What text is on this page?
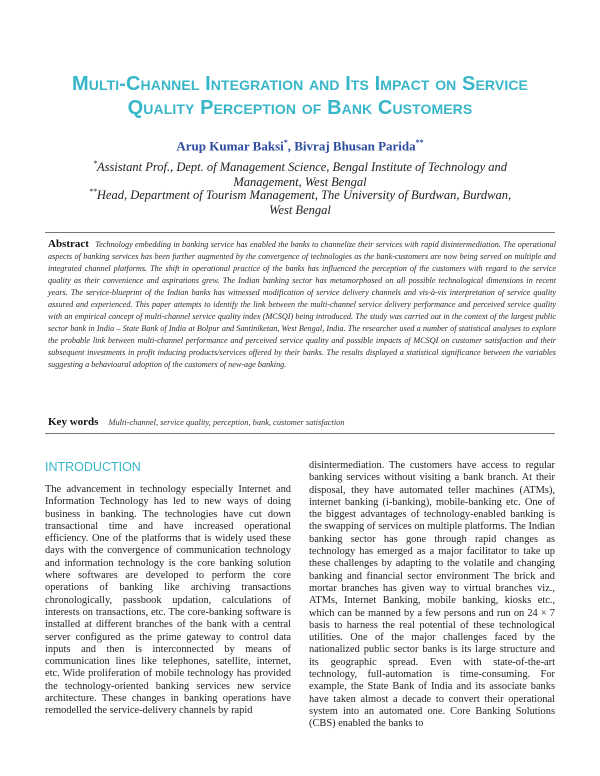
Multi-Channel Integration and Its Impact on Service Quality Perception of Bank Customers
Arup Kumar Baksi*, Bivraj Bhusan Parida**
*Assistant Prof., Dept. of Management Science, Bengal Institute of Technology and Management, West Bengal
**Head, Department of Tourism Management, The University of Burdwan, Burdwan, West Bengal
Abstract Technology embedding in banking service has enabled the banks to channelize their services with rapid disintermediation. The operational aspects of banking services has been further augmented by the convergence of technologies as the bank-customers are now being served on multiple and integrated channel platforms. The shift in operational practice of the banks has influenced the perception of the customers with regard to the service quality as their convenience and aspirations grew. The Indian banking sector has metamorphosed on all possible technological dimensions in recent years. The service-blueprint of the Indian banks has witnessed modification of service delivery channels and vis-à-vis interpretation of service quality assured and experienced. This paper attempts to identify the link between the multi-channel service delivery performance and perceived service quality with an empirical concept of multi-channel service quality index (MCSQI) being introduced. The study was carried out in the context of the largest public sector bank in India – State Bank of India at Bolpur and Santiniketan, West Bengal, India. The researcher used a number of statistical analyses to explore the probable link between multi-channel performance and perceived service quality and possible impacts of MCSQI on customer satisfaction and their subsequent investments in profit inducing products/services offered by their banks. The results displayed a statistical significance between the variables suggesting a behavioural adoption of the customers of new-age banking.
Key words Multi-channel, service quality, perception, bank, customer satisfaction
INTRODUCTION

The advancement in technology especially Internet and Information Technology has led to new ways of doing business in banking. The technologies have cut down transactional time and have increased operational efficiency. One of the platforms that is widely used these days with the convergence of communication technology and information technology is the core banking solution where softwares are developed to perform the core operations of banking like archiving transactions chronologically, passbook updation, calculations of interests on transactions, etc. The core-banking software is installed at different branches of the bank with a central server configured as the prime gateway to control data inputs and then is interconnected by means of communication lines like telephones, satellite, internet, etc. Wide proliferation of mobile technology has provided the technology-oriented banking services new service architecture. These changes in banking operations have remodelled the service-delivery channels by rapid

disintermediation. The customers have access to regular banking services without visiting a bank branch. At their disposal, they have automated teller machines (ATMs), internet banking (i-banking), mobile-banking etc. One of the biggest advantages of technology-enabled banking is the swapping of services on multiple platforms. The Indian banking sector has gone through rapid changes as technology has emerged as a major facilitator to take up these challenges by adapting to the volatile and changing banking and financial sector environment The brick and mortar branches has given way to virtual branches viz., ATMs, Internet Banking, mobile banking, kiosks etc., which can be manned by a few persons and run on 24 × 7 basis to harness the real potential of these technological utilities. One of the major challenges faced by the nationalized public sector banks is its large structure and its geographic spread. Even with state-of-the-art technology, full-automation is time-consuming. For example, the State Bank of India and its associate banks have taken almost a decade to convert their operational system into an automated one. Core Banking Solutions (CBS) enabled the banks to
